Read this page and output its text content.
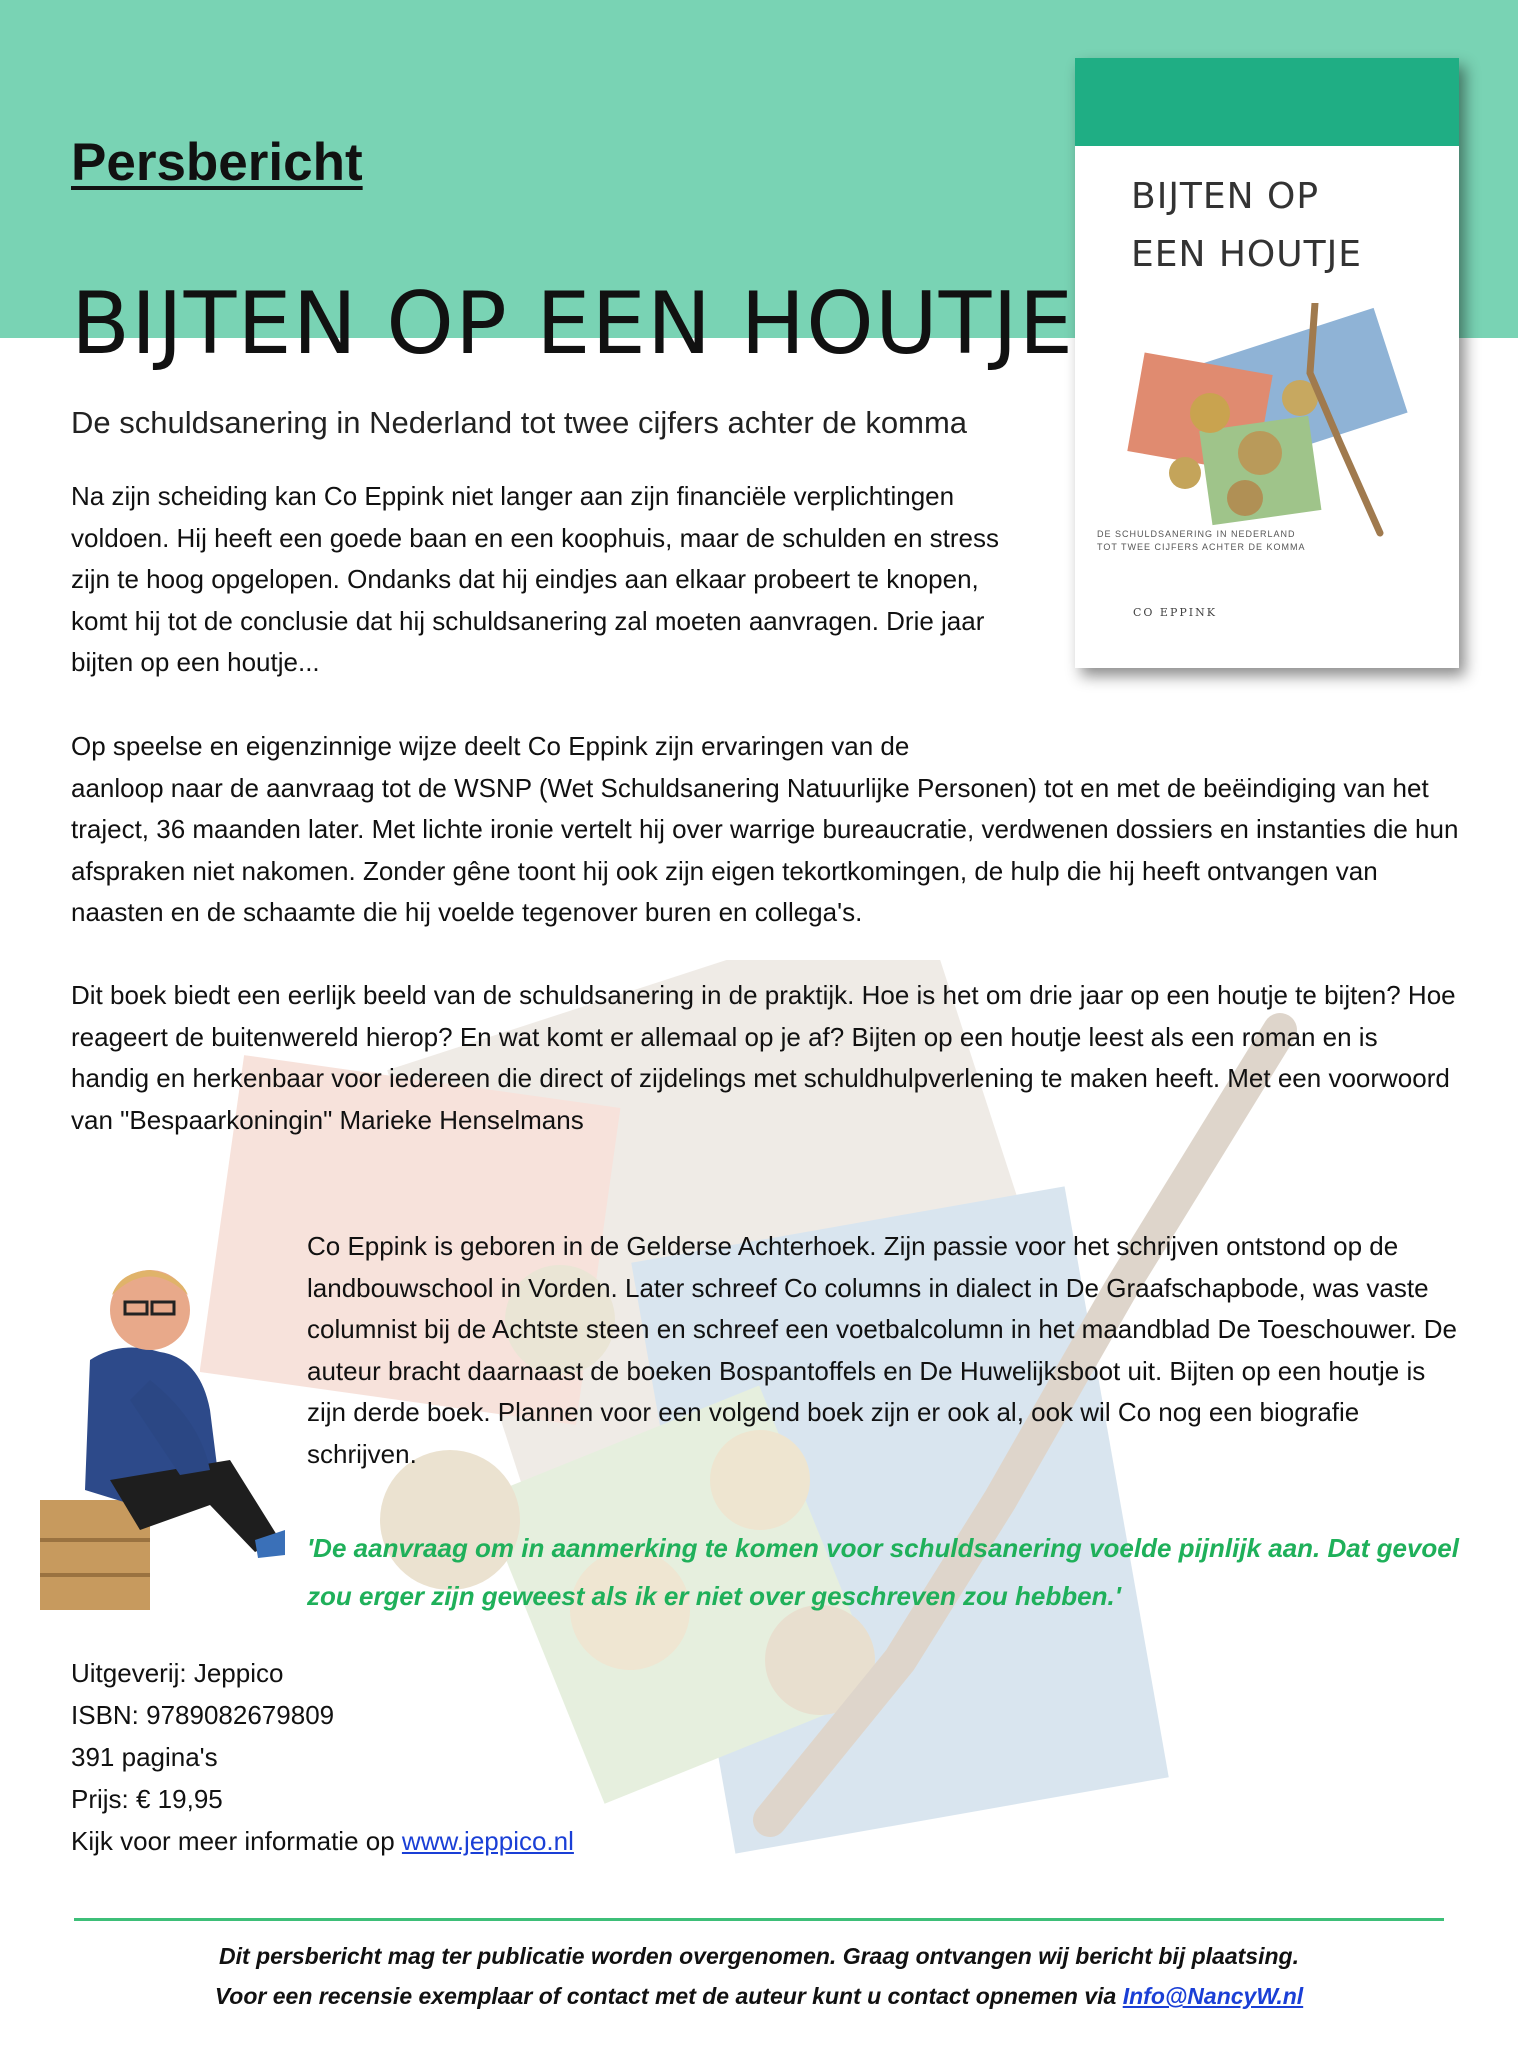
Persbericht
BIJTEN OP EEN HOUTJE
De schuldsanering in Nederland tot twee cijfers achter de komma
BIJTEN OP
EEN HOUTJE
DE SCHULDSANERING IN NEDERLAND
TOT TWEE CIJFERS ACHTER DE KOMMA
CO EPPINK

Na zijn scheiding kan Co Eppink niet langer aan zijn financiële verplichtingen voldoen. Hij heeft een goede baan en een koophuis, maar de schulden en stress zijn te hoog opgelopen. Ondanks dat hij eindjes aan elkaar probeert te knopen, komt hij tot de conclusie dat hij schuldsanering zal moeten aanvragen. Drie jaar bijten op een houtje...

Op speelse en eigenzinnige wijze deelt Co Eppink zijn ervaringen van de
aanloop naar de aanvraag tot de WSNP (Wet Schuldsanering Natuurlijke Personen) tot en met de beëindiging van het traject, 36 maanden later. Met lichte ironie vertelt hij over warrige bureaucratie, verdwenen dossiers en instanties die hun afspraken niet nakomen. Zonder gêne toont hij ook zijn eigen tekortkomingen, de hulp die hij heeft ontvangen van naasten en de schaamte die hij voelde tegenover buren en collega's.

Dit boek biedt een eerlijk beeld van de schuldsanering in de praktijk. Hoe is het om drie jaar op een houtje te bijten? Hoe reageert de buitenwereld hierop? En wat komt er allemaal op je af? Bijten op een houtje leest als een roman en is handig en herkenbaar voor iedereen die direct of zijdelings met schuldhulpverlening te maken heeft. Met een voorwoord van "Bespaarkoningin" Marieke Henselmans

Co Eppink is geboren in de Gelderse Achterhoek. Zijn passie voor het schrijven ontstond op de landbouwschool in Vorden. Later schreef Co columns in dialect in De Graafschapbode, was vaste columnist bij de Achtste steen en schreef een voetbalcolumn in het maandblad De Toeschouwer. De auteur bracht daarnaast de boeken Bospantoffels en De Huwelijksboot uit. Bijten op een houtje is zijn derde boek. Plannen voor een volgend boek zijn er ook al, ook wil Co nog een biografie schrijven.

'De aanvraag om in aanmerking te komen voor schuldsanering voelde pijnlijk aan. Dat gevoel zou erger zijn geweest als ik er niet over geschreven zou hebben.'

Uitgeverij: Jeppico
ISBN: 9789082679809
391 pagina's
Prijs: € 19,95
Kijk voor meer informatie op www.jeppico.nl
Dit persbericht mag ter publicatie worden overgenomen. Graag ontvangen wij bericht bij plaatsing.
Voor een recensie exemplaar of contact met de auteur kunt u contact opnemen via Info@NancyW.nl
